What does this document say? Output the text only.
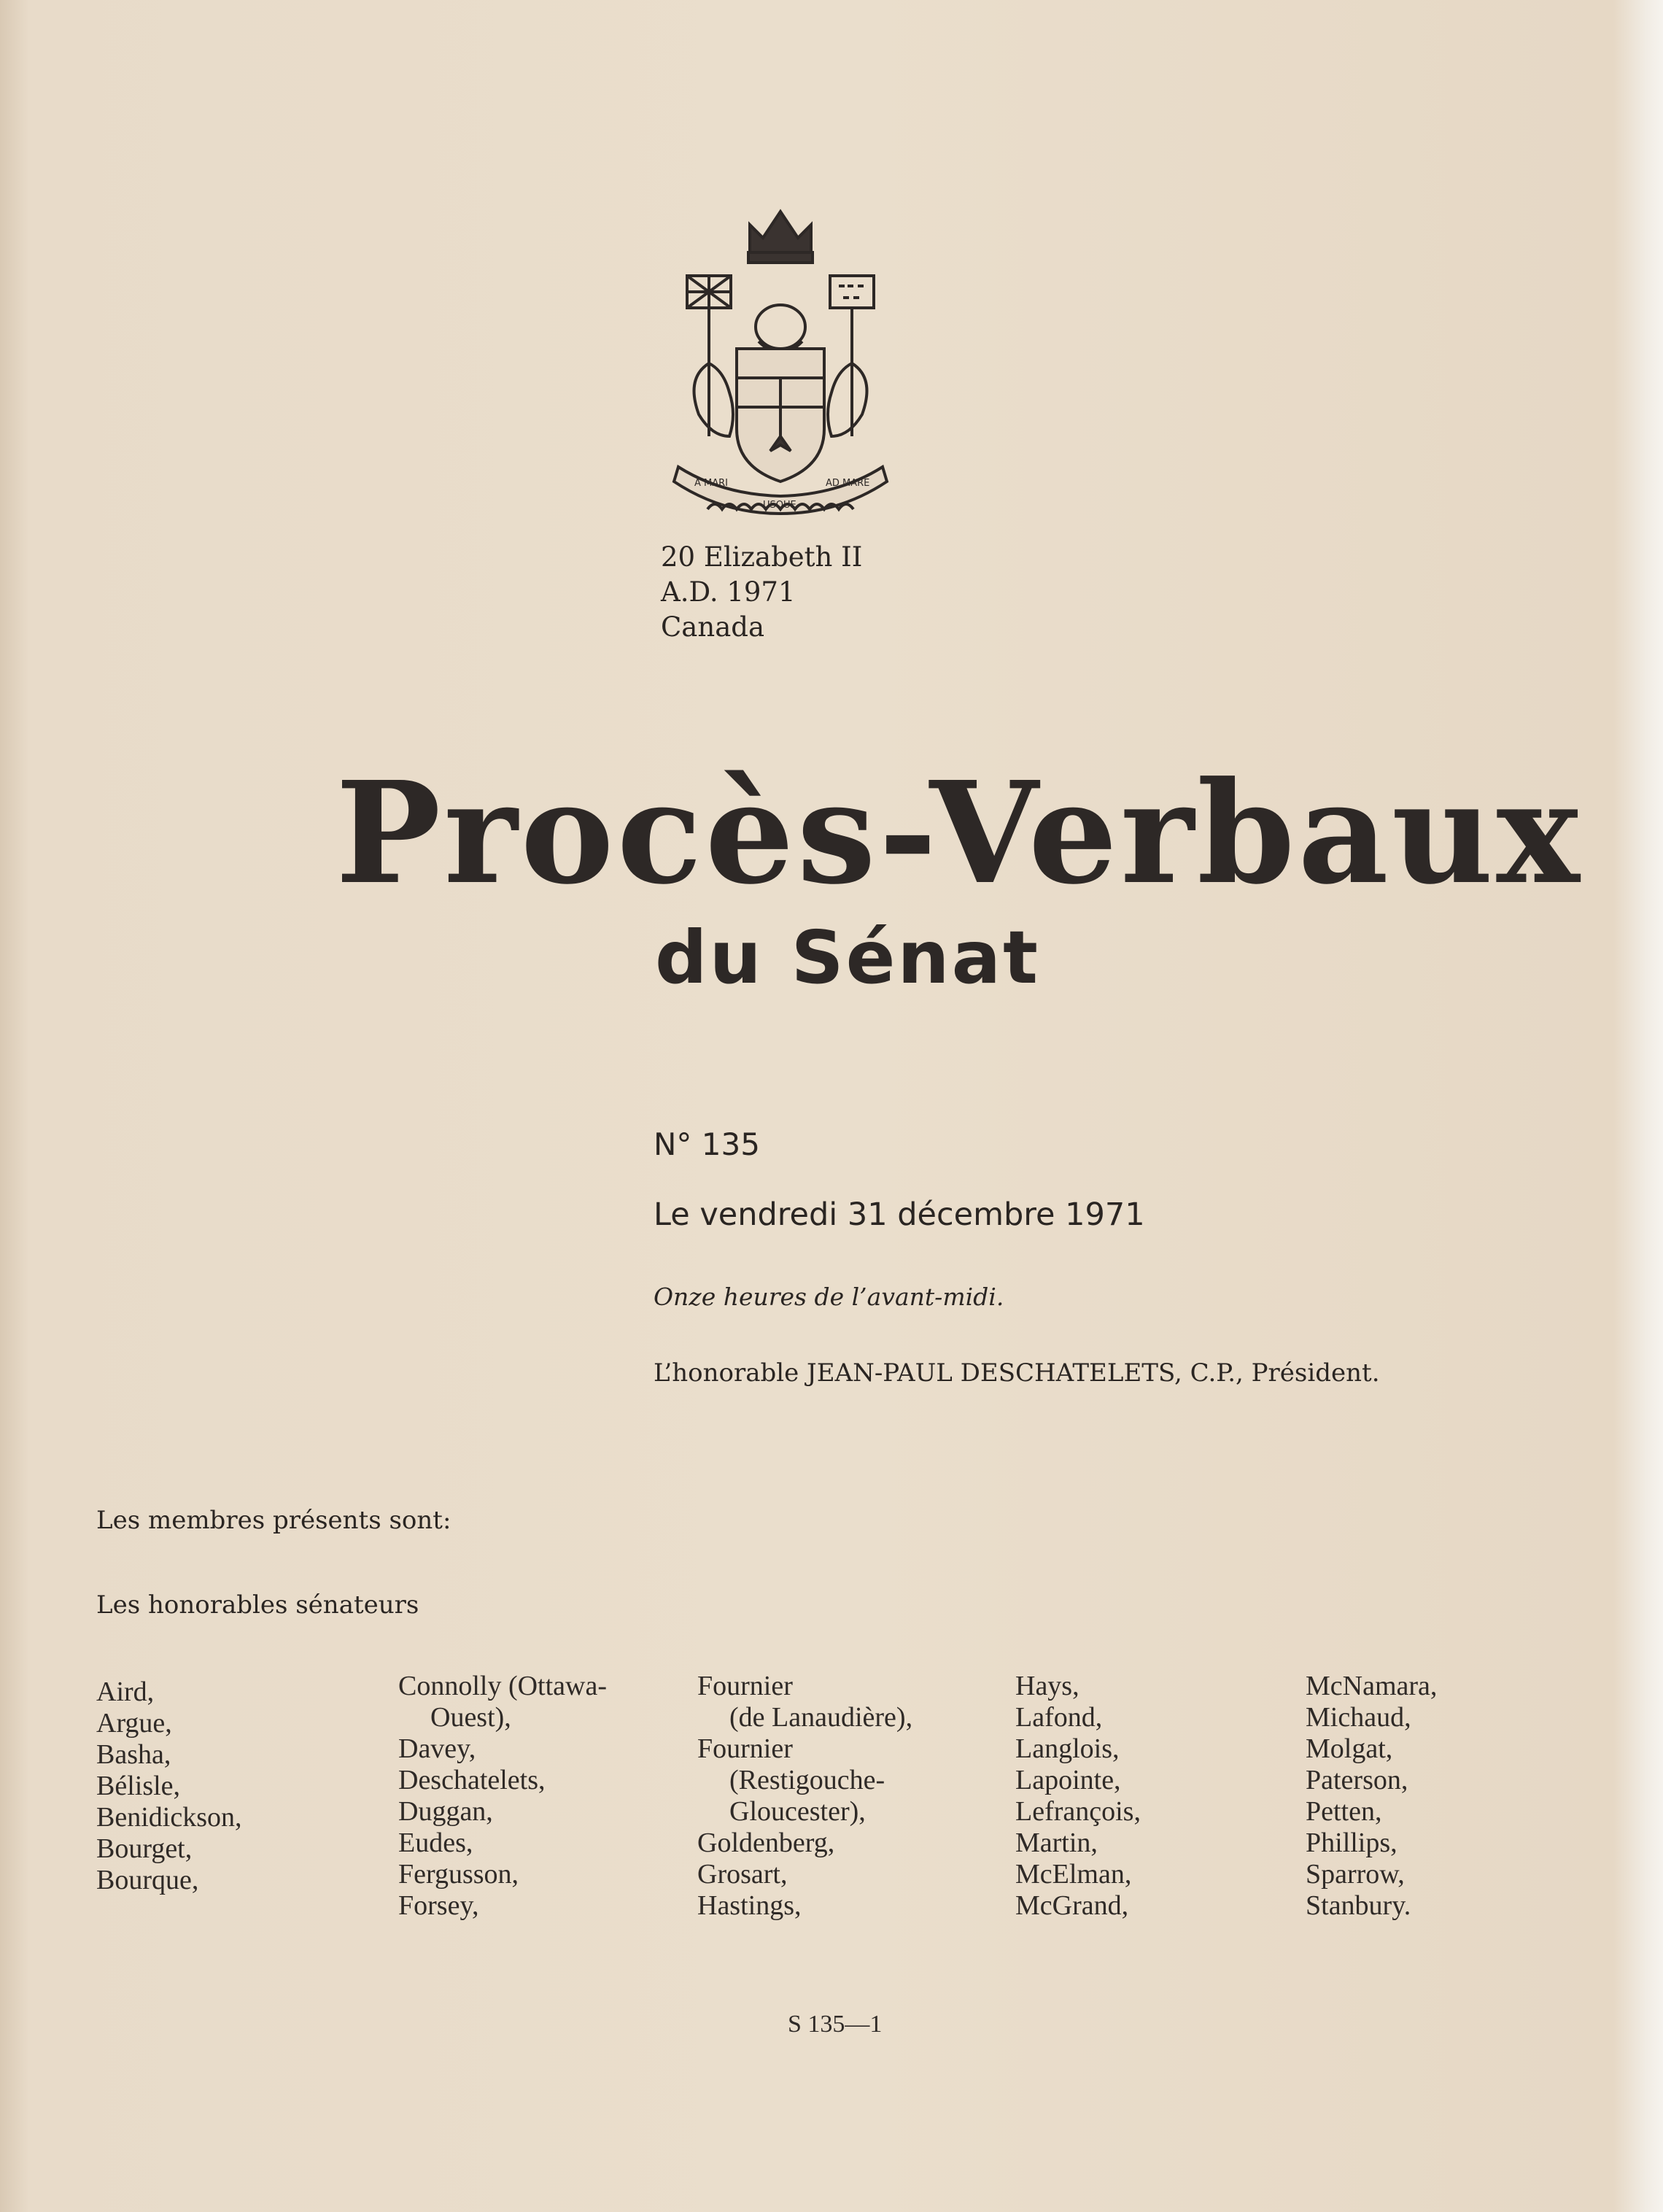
A MARI
USQUE
AD MARE
20 Elizabeth II
A.D. 1971
Canada
Procès-Verbaux
du Sénat
N° 135
Le vendredi 31 décembre 1971
Onze heures de l’avant-midi.
L’honorable JEAN-PAUL DESCHATELETS, C.P., Président.
Les membres présents sont:
Les honorables sénateurs
Aird,
Argue,
Basha,
Bélisle,
Benidickson,
Bourget,
Bourque,
Connolly (Ottawa-
Ouest),
Davey,
Deschatelets,
Duggan,
Eudes,
Fergusson,
Forsey,
Fournier
(de Lanaudière),
Fournier
(Restigouche-
Gloucester),
Goldenberg,
Grosart,
Hastings,
Hays,
Lafond,
Langlois,
Lapointe,
Lefrançois,
Martin,
McElman,
McGrand,
McNamara,
Michaud,
Molgat,
Paterson,
Petten,
Phillips,
Sparrow,
Stanbury.
S 135—1
